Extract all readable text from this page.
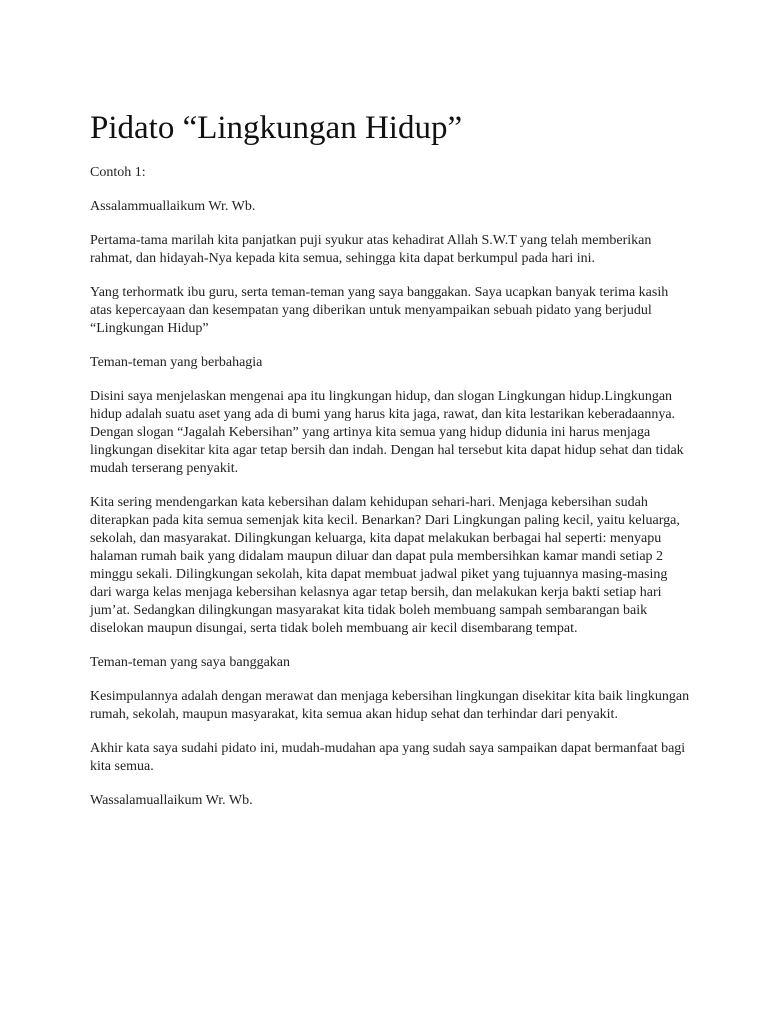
Pidato “Lingkungan Hidup”

Contoh 1:

Assalammuallaikum Wr. Wb.

Pertama-tama marilah kita panjatkan puji syukur atas kehadirat Allah S.W.T yang telah memberikan rahmat, dan hidayah-Nya kepada kita semua, sehingga kita dapat berkumpul pada hari ini.

Yang terhormatk ibu guru, serta teman-teman yang saya banggakan. Saya ucapkan banyak terima kasih atas kepercayaan dan kesempatan yang diberikan untuk menyampaikan sebuah pidato yang berjudul “Lingkungan Hidup”

Teman-teman yang berbahagia

Disini saya menjelaskan mengenai apa itu lingkungan hidup, dan slogan Lingkungan hidup.Lingkungan hidup adalah suatu aset yang ada di bumi yang harus kita jaga, rawat, dan kita lestarikan keberadaannya. Dengan slogan “Jagalah Kebersihan” yang artinya kita semua yang hidup didunia ini harus menjaga lingkungan disekitar kita agar tetap bersih dan indah. Dengan hal tersebut kita dapat hidup sehat dan tidak mudah terserang penyakit.

Kita sering mendengarkan kata kebersihan dalam kehidupan sehari-hari. Menjaga kebersihan sudah diterapkan pada kita semua semenjak kita kecil. Benarkan? Dari Lingkungan paling kecil, yaitu keluarga, sekolah, dan masyarakat. Dilingkungan keluarga, kita dapat melakukan berbagai hal seperti: menyapu halaman rumah baik yang didalam maupun diluar dan dapat pula membersihkan kamar mandi setiap 2 minggu sekali. Dilingkungan sekolah, kita dapat membuat jadwal piket yang tujuannya masing-masing dari warga kelas menjaga kebersihan kelasnya agar tetap bersih, dan melakukan kerja bakti setiap hari jum’at. Sedangkan dilingkungan masyarakat kita tidak boleh membuang sampah sembarangan baik diselokan maupun disungai, serta tidak boleh membuang air kecil disembarang tempat.

Teman-teman yang saya banggakan

Kesimpulannya adalah dengan merawat dan menjaga kebersihan lingkungan disekitar kita baik lingkungan rumah, sekolah, maupun masyarakat, kita semua akan hidup sehat dan terhindar dari penyakit.

Akhir kata saya sudahi pidato ini, mudah-mudahan apa yang sudah saya sampaikan dapat bermanfaat bagi kita semua.

Wassalamuallaikum Wr. Wb.
